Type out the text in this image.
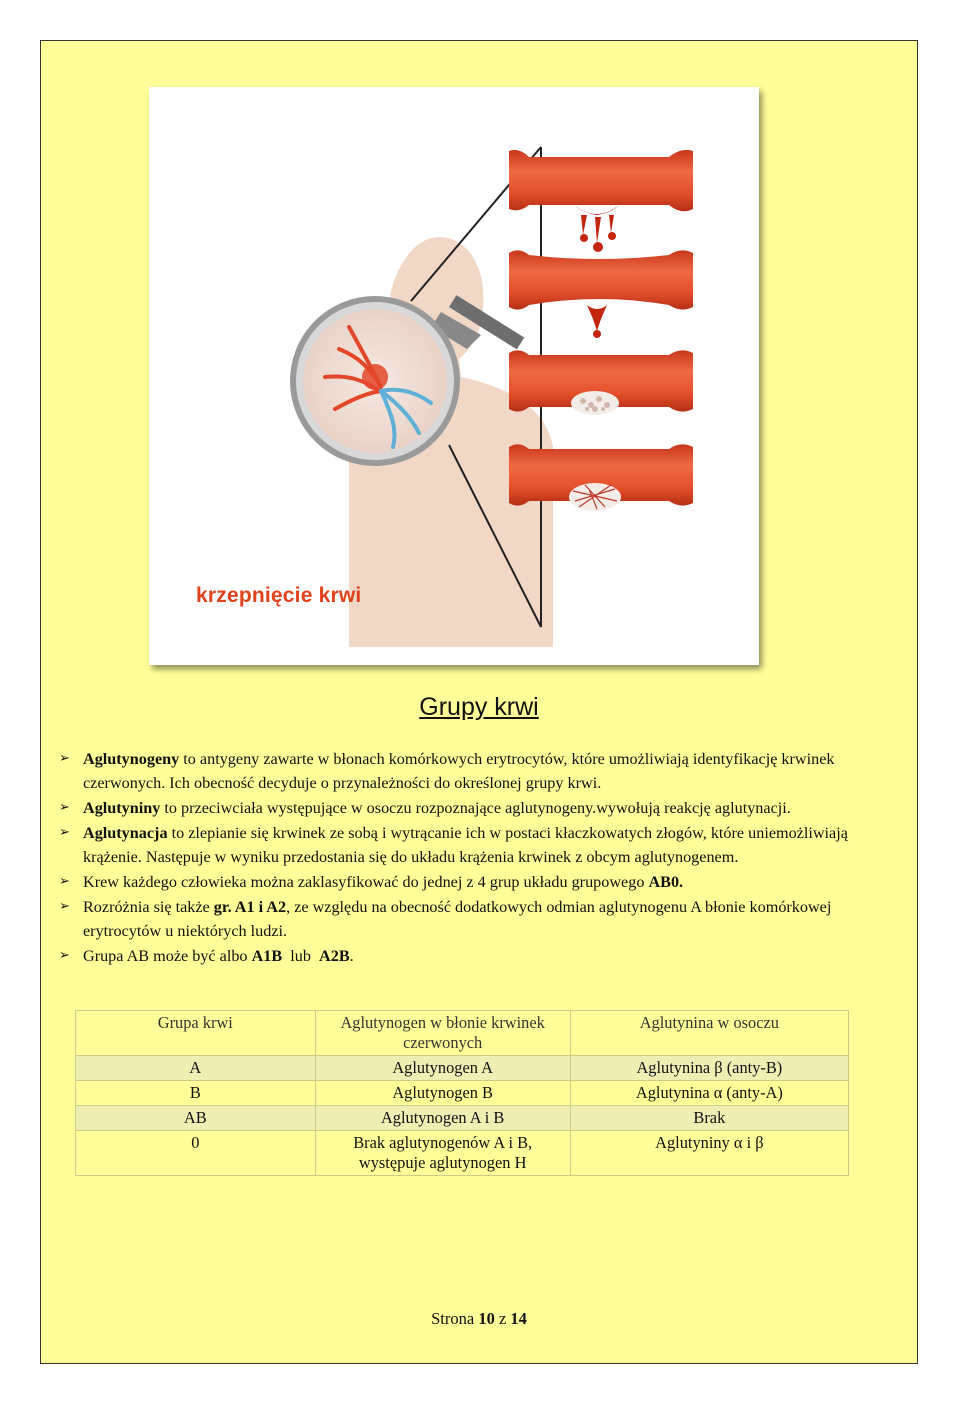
krzepnięcie krwi
Grupy krwi
➢ Aglutynogeny to antygeny zawarte w błonach komórkowych erytrocytów, które umożliwiają identyfikację krwinek czerwonych. Ich obecność decyduje o przynależności do określonej grupy krwi.
➢ Aglutyniny to przeciwciała występujące w osoczu rozpoznające aglutynogeny.wywołują reakcję aglutynacji.
➢ Aglutynacja to zlepianie się krwinek ze sobą i wytrącanie ich w postaci kłaczkowatych złogów, które uniemożliwiają krążenie. Następuje w wyniku przedostania się do układu krążenia krwinek z obcym aglutynogenem.
➢ Krew każdego człowieka można zaklasyfikować do jednej z 4 grup układu grupowego AB0.
➢ Rozróżnia się także gr. A1 i A2, ze względu na obecność dodatkowych odmian aglutynogenu A błonie komórkowej erytrocytów u niektórych ludzi.
➢ Grupa AB może być albo A1B  lub  A2B.
Grupa krwi	Aglutynogen w błonie krwinek czerwonych	Aglutynina w osoczu
A	Aglutynogen A	Aglutynina β (anty-B)
B	Aglutynogen B	Aglutynina α (anty-A)
AB	Aglutynogen A i B	Brak
0	Brak aglutynogenów A i B, występuje aglutynogen H	Aglutyniny α i β
Strona 10 z 14
